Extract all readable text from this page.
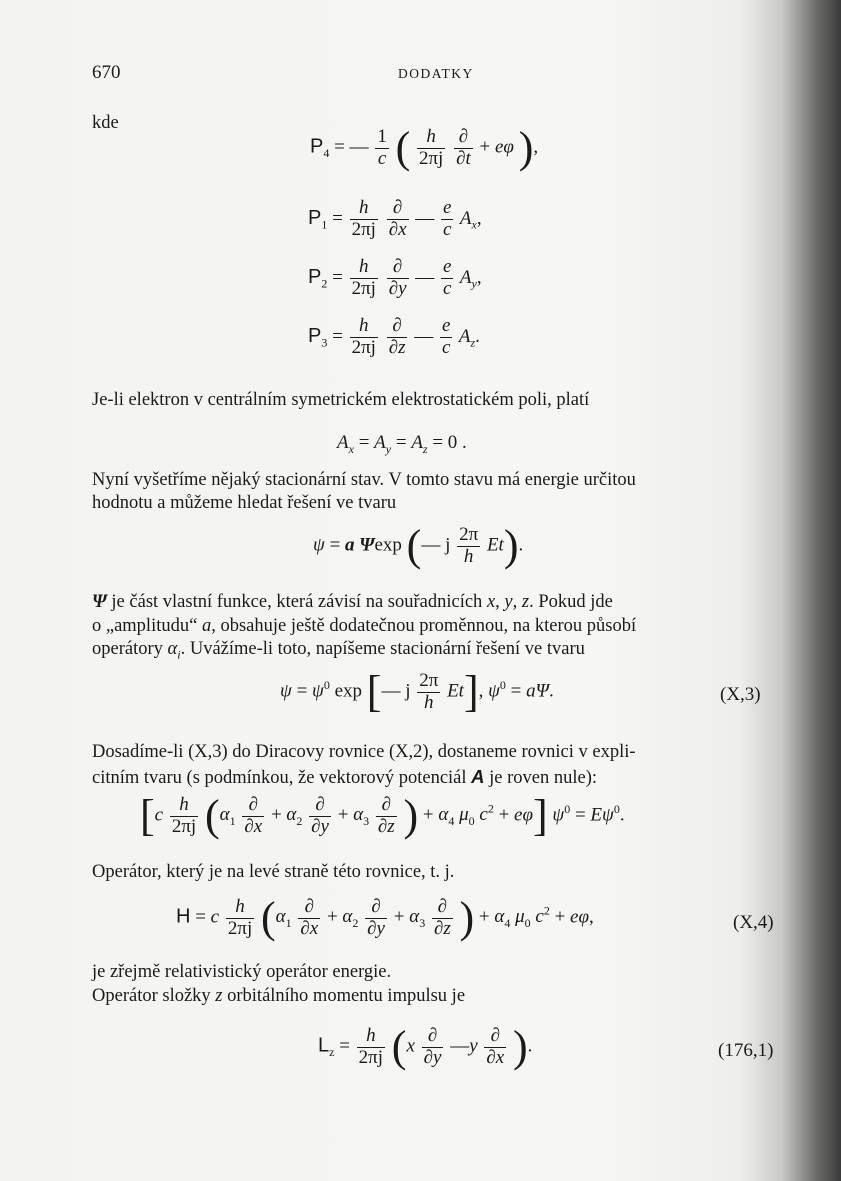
670	DODATKY
kde
$P_4$ = — $\frac{1}{c}$ ( $\frac{h}{2\pi j}$
$\frac{\partial}{\partial t} + e\varphi$ ),
$P_1 = \frac{h}{2\pi j}$
$\frac{\partial}{\partial x}$ — $\frac{e}{c} A_x$,
$P_2 = \frac{h}{2\pi j}$
$\frac{\partial}{\partial y}$ — $\frac{e}{c} A_y$,
$P_3 = \frac{h}{2\pi j}$
$\frac{\partial}{\partial z}$ — $\frac{e}{c} A_z$.
Je-li elektron v centrálním symetrickém elektrostatickém poli, platí
$A_x = A_y = A_z = 0$ .
Nyní vyšetříme nějaký stacionární stav. V tomto stavu má energie určitou
hodnotu a můžeme hledat řešení ve tvaru
ψ = a Ψexp (— j $\frac{2\pi}{h} Et$).
Ψ je část vlastní funkce, která závisí na souřadnicích x, y, z. Pokud jde
o „amplitudu“ a, obsahuje ještě dodatečnou proměnnou, na kterou působí
operátory $\alpha_i$. Uvážíme-li toto, napíšeme stacionární řešení ve tvaru
$\psi = \psi^0$ exp [— j $\frac{2\pi}{h} Et$], $\psi^0 = a\Psi$.	(X,3)
Dosadíme-li (X,3) do Diracovy rovnice (X,2), dostaneme rovnici v expli-
citním tvaru (s podmínkou, že vektorový potenciál A je roven nule):
[$c \frac{h}{2\pi j} (\alpha_1 \frac{\partial}{\partial x} + \alpha_2 \frac{\partial}{\partial y} + \alpha_3 \frac{\partial}{\partial z}$ ) + $\alpha_4$ $\mu_0$ $c^2 + e\varphi$] $\psi^0 = E\psi^0$.
Operátor, který je na levé straně této rovnice, t. j.
H = c $\frac{h}{2\pi j} (\alpha_1 \frac{\partial}{\partial x} + \alpha_2 \frac{\partial}{\partial y} + \alpha_3 \frac{\partial}{\partial z}$ ) + $\alpha_4$ $\mu_0$ $c^2 + e\varphi$,	(X,4)
je zřejmě relativistický operátor energie.
Operátor složky z orbitálního momentu impulsu je
$L_z = \frac{h}{2\pi j} (x \frac{\partial}{\partial y}$ —y $\frac{\partial}{\partial x}$ ).	(176,1)
